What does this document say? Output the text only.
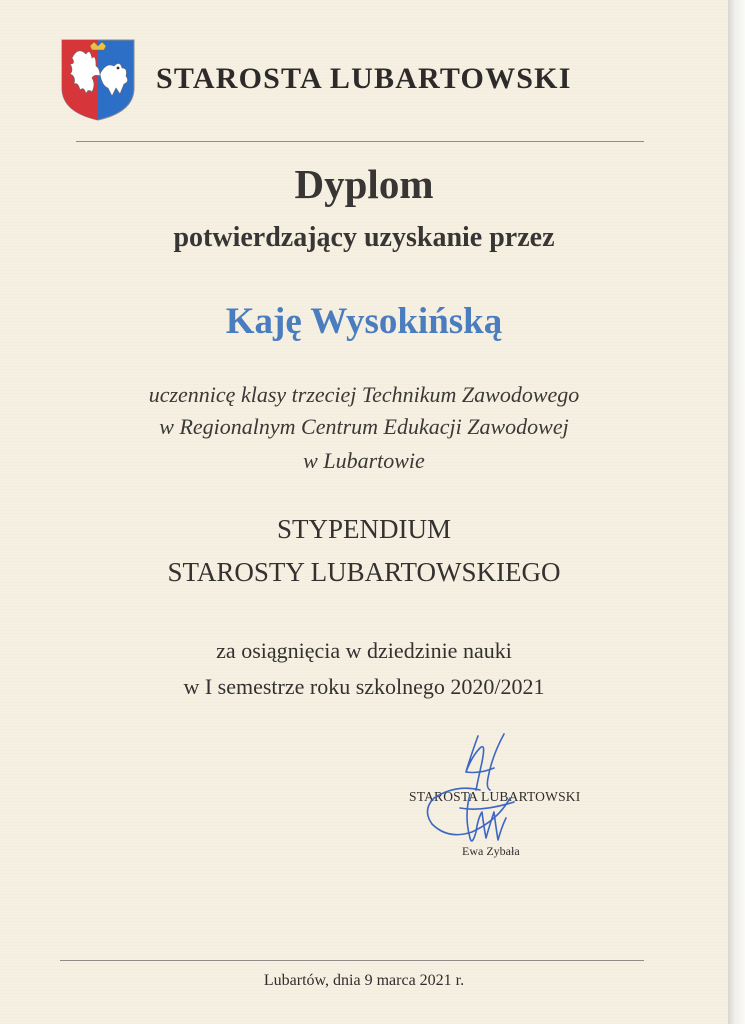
STAROSTA LUBARTOWSKI
Dyplom
potwierdzający uzyskanie przez
Kaję Wysokińską
uczennicę klasy trzeciej Technikum Zawodowego
w Regionalnym Centrum Edukacji Zawodowej
w Lubartowie
STYPENDIUM
STAROSTY LUBARTOWSKIEGO
za osiągnięcia w dziedzinie nauki
w I semestrze roku szkolnego 2020/2021
STAROSTA LUBARTOWSKI
Ewa Zybała
Lubartów, dnia 9 marca 2021 r.
